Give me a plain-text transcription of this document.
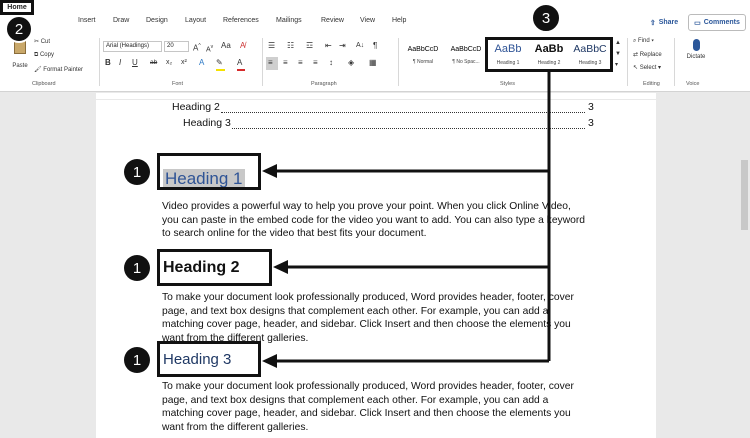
Home
Insert Draw Design Layout References Mailings	Review View Help	⇧ Share ▭ Comments
Paste
✂ Cut
⧉ Copy
🖌 Format Painter
Clipboard
Arial (Headings)	20	A^
$A^v$ Aa A̸
B I U ab x₂ x² A ✎ A
Font
☰ ☷ ☲ ⇤ ⇥ A↓ ¶
≡ ≡ ≡ ≡ ↕ ◈ ▦
Paragraph
AaBbCcD
¶ Normal
AaBbCcD
¶ No Spac...
AaBb
Heading 1
AaBb
Heading 2
AaBbC
Heading 3
▲
▼
▾
Styles
⌕ Find ▾
⇄ Replace
↖ Select ▾
Editing
Dictate
Voice
Heading 2	3
Heading 3	3
Heading 1
Video provides a powerful way to help you prove your point. When you click Online Video, you can paste in the embed code for the video you want to add. You can also type a keyword to search online for the video that best fits your document.
Heading 2
To make your document look professionally produced, Word provides header, footer, cover page, and text box designs that complement each other. For example, you can add a matching cover page, header, and sidebar. Click Insert and then choose the elements you want from the different galleries.
Heading 3
To make your document look professionally produced, Word provides header, footer, cover page, and text box designs that complement each other. For example, you can add a matching cover page, header, and sidebar. Click Insert and then choose the elements you want from the different galleries.
1
1
1
2
3
